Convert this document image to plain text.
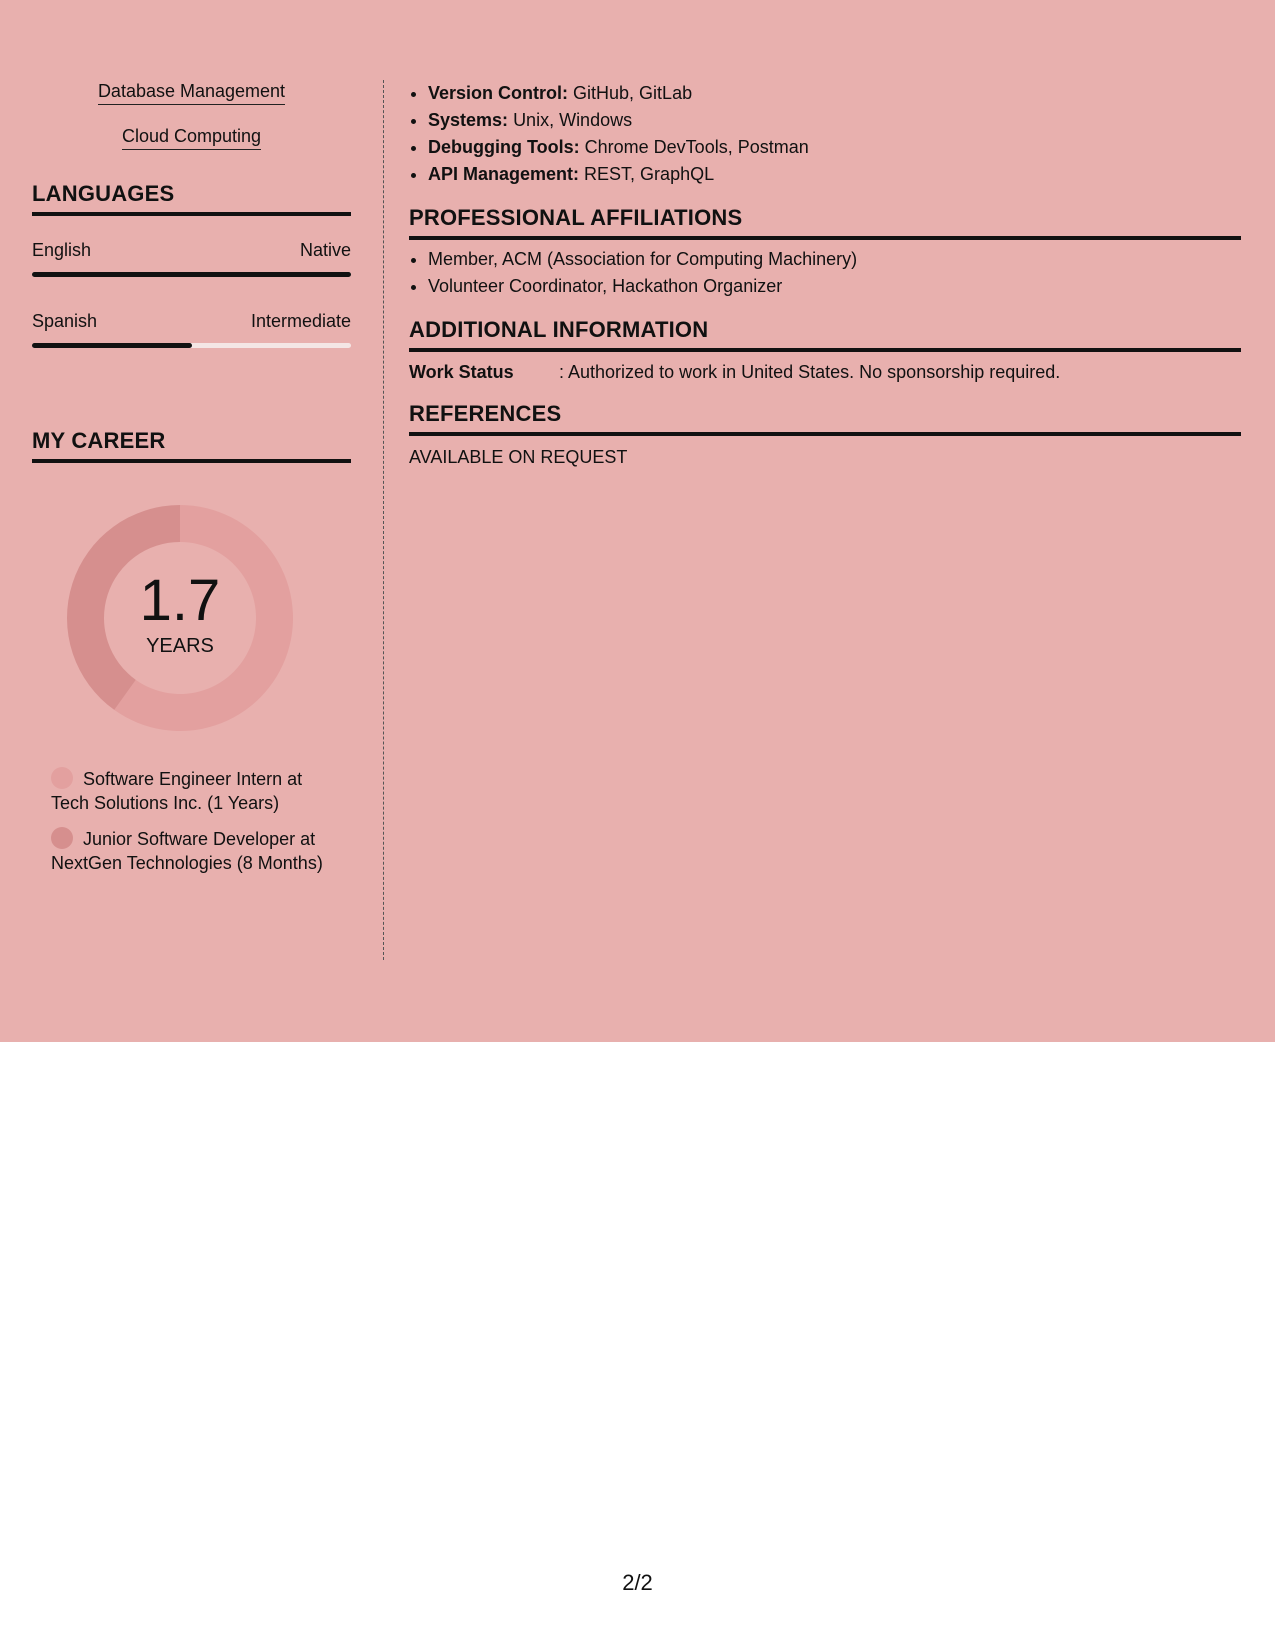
Database Management
Cloud Computing
LANGUAGES
English	Native
Spanish	Intermediate
MY CAREER
1.7
YEARS
Software Engineer Intern at Tech Solutions Inc. (1 Years)
Junior Software Developer at NextGen Technologies (8 Months)
• Version Control: GitHub, GitLab
• Systems: Unix, Windows
• Debugging Tools: Chrome DevTools, Postman
• API Management: REST, GraphQL
PROFESSIONAL AFFILIATIONS
• Member, ACM (Association for Computing Machinery)
• Volunteer Coordinator, Hackathon Organizer
ADDITIONAL INFORMATION
Work Status	: Authorized to work in United States. No sponsorship required.
REFERENCES
AVAILABLE ON REQUEST
2/2
